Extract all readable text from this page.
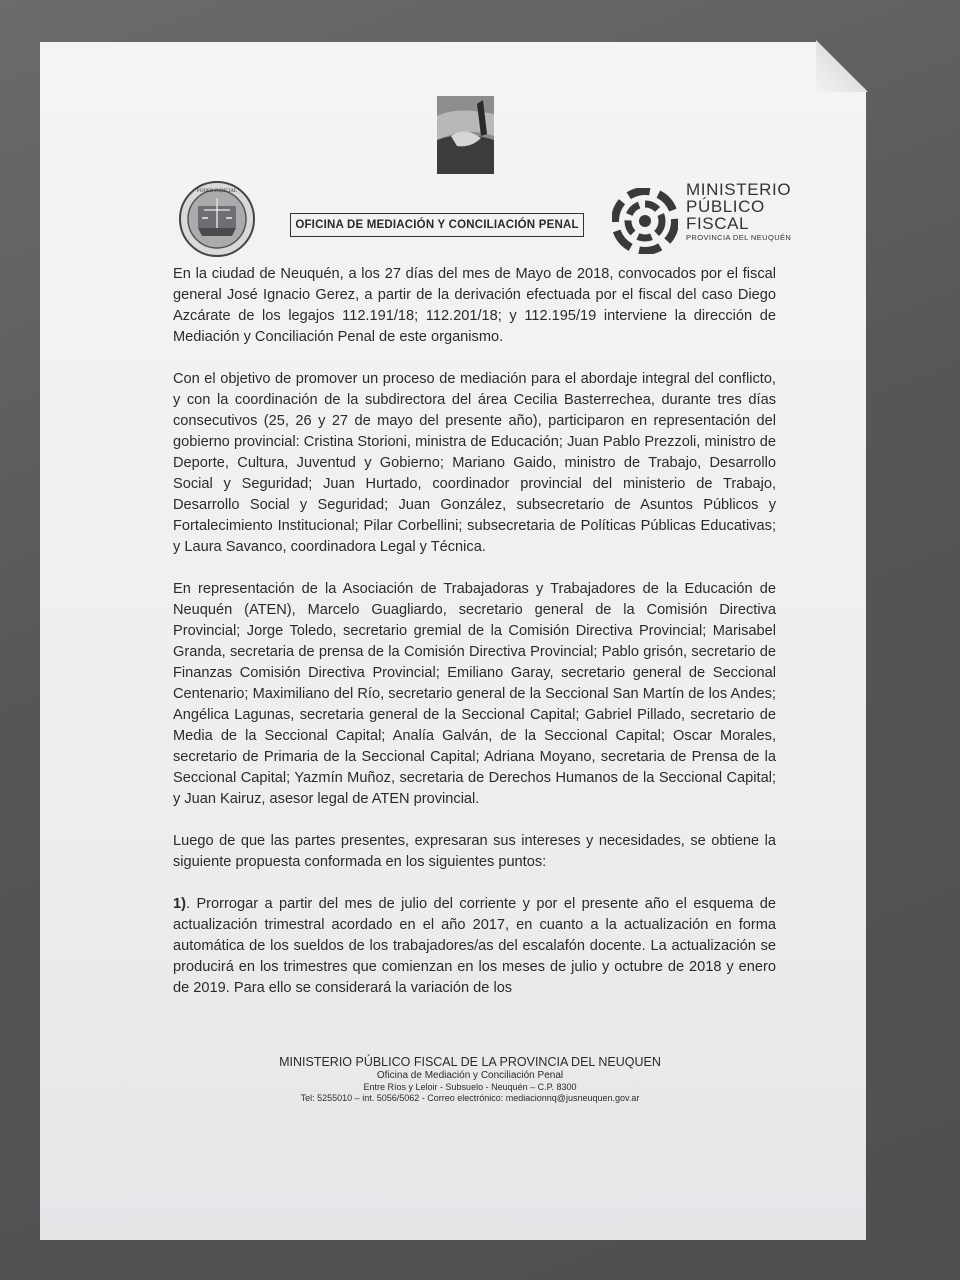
PODER JUDICIAL
OFICINA DE MEDIACIÓN Y CONCILIACIÓN PENAL
MINISTERIO
PÚBLICO
FISCAL
PROVINCIA DEL NEUQUÉN

En la ciudad de Neuquén, a los 27 días del mes de Mayo de 2018, convocados por el fiscal general José Ignacio Gerez, a partir de la derivación efectuada por el fiscal del caso Diego Azcárate de los legajos 112.191/18; 112.201/18; y 112.195/19 interviene la dirección de Mediación y Conciliación Penal de este organismo.

Con el objetivo de promover un proceso de mediación para el abordaje integral del conflicto, y con la coordinación de la subdirectora del área Cecilia Basterrechea, durante tres días consecutivos (25, 26 y 27 de mayo del presente año), participaron en representación del gobierno provincial: Cristina Storioni, ministra de Educación; Juan Pablo Prezzoli, ministro de Deporte, Cultura, Juventud y Gobierno; Mariano Gaido, ministro de Trabajo, Desarrollo Social y Seguridad; Juan Hurtado, coordinador provincial del ministerio de Trabajo, Desarrollo Social y Seguridad; Juan González, subsecretario de Asuntos Públicos y Fortalecimiento Institucional; Pilar Corbellini; subsecretaria de Políticas Públicas Educativas; y Laura Savanco, coordinadora Legal y Técnica.

En representación de la Asociación de Trabajadoras y Trabajadores de la Educación de Neuquén (ATEN), Marcelo Guagliardo, secretario general de la Comisión Directiva Provincial; Jorge Toledo, secretario gremial de la Comisión Directiva Provincial; Marisabel Granda, secretaria de prensa de la Comisión Directiva Provincial; Pablo grisón, secretario de Finanzas Comisión Directiva Provincial; Emiliano Garay, secretario general de Seccional Centenario; Maximiliano del Río, secretario general de la Seccional San Martín de los Andes; Angélica Lagunas, secretaria general de la Seccional Capital; Gabriel Pillado, secretario de Media de la Seccional Capital; Analía Galván, de la Seccional Capital; Oscar Morales, secretario de Primaria de la Seccional Capital; Adriana Moyano, secretaria de Prensa de la Seccional Capital; Yazmín Muñoz, secretaria de Derechos Humanos de la Seccional Capital; y Juan Kairuz, asesor legal de ATEN provincial.

Luego de que las partes presentes, expresaran sus intereses y necesidades, se obtiene la siguiente propuesta conformada en los siguientes puntos:

1). Prorrogar a partir del mes de julio del corriente y por el presente año el esquema de actualización trimestral acordado en el año 2017, en cuanto a la actualización en forma automática de los sueldos de los trabajadores/as del escalafón docente. La actualización se producirá en los trimestres que comienzan en los meses de julio y octubre de 2018 y enero de 2019. Para ello se considerará la variación de los

MINISTERIO PÚBLICO FISCAL DE LA PROVINCIA DEL NEUQUEN
Oficina de Mediación y Conciliación Penal
Entre Ríos y Leloir - Subsuelo - Neuquén – C.P. 8300
Tel: 5255010 – int. 5056/5062 - Correo electrónico: mediacionnq@jusneuquen.gov.ar
